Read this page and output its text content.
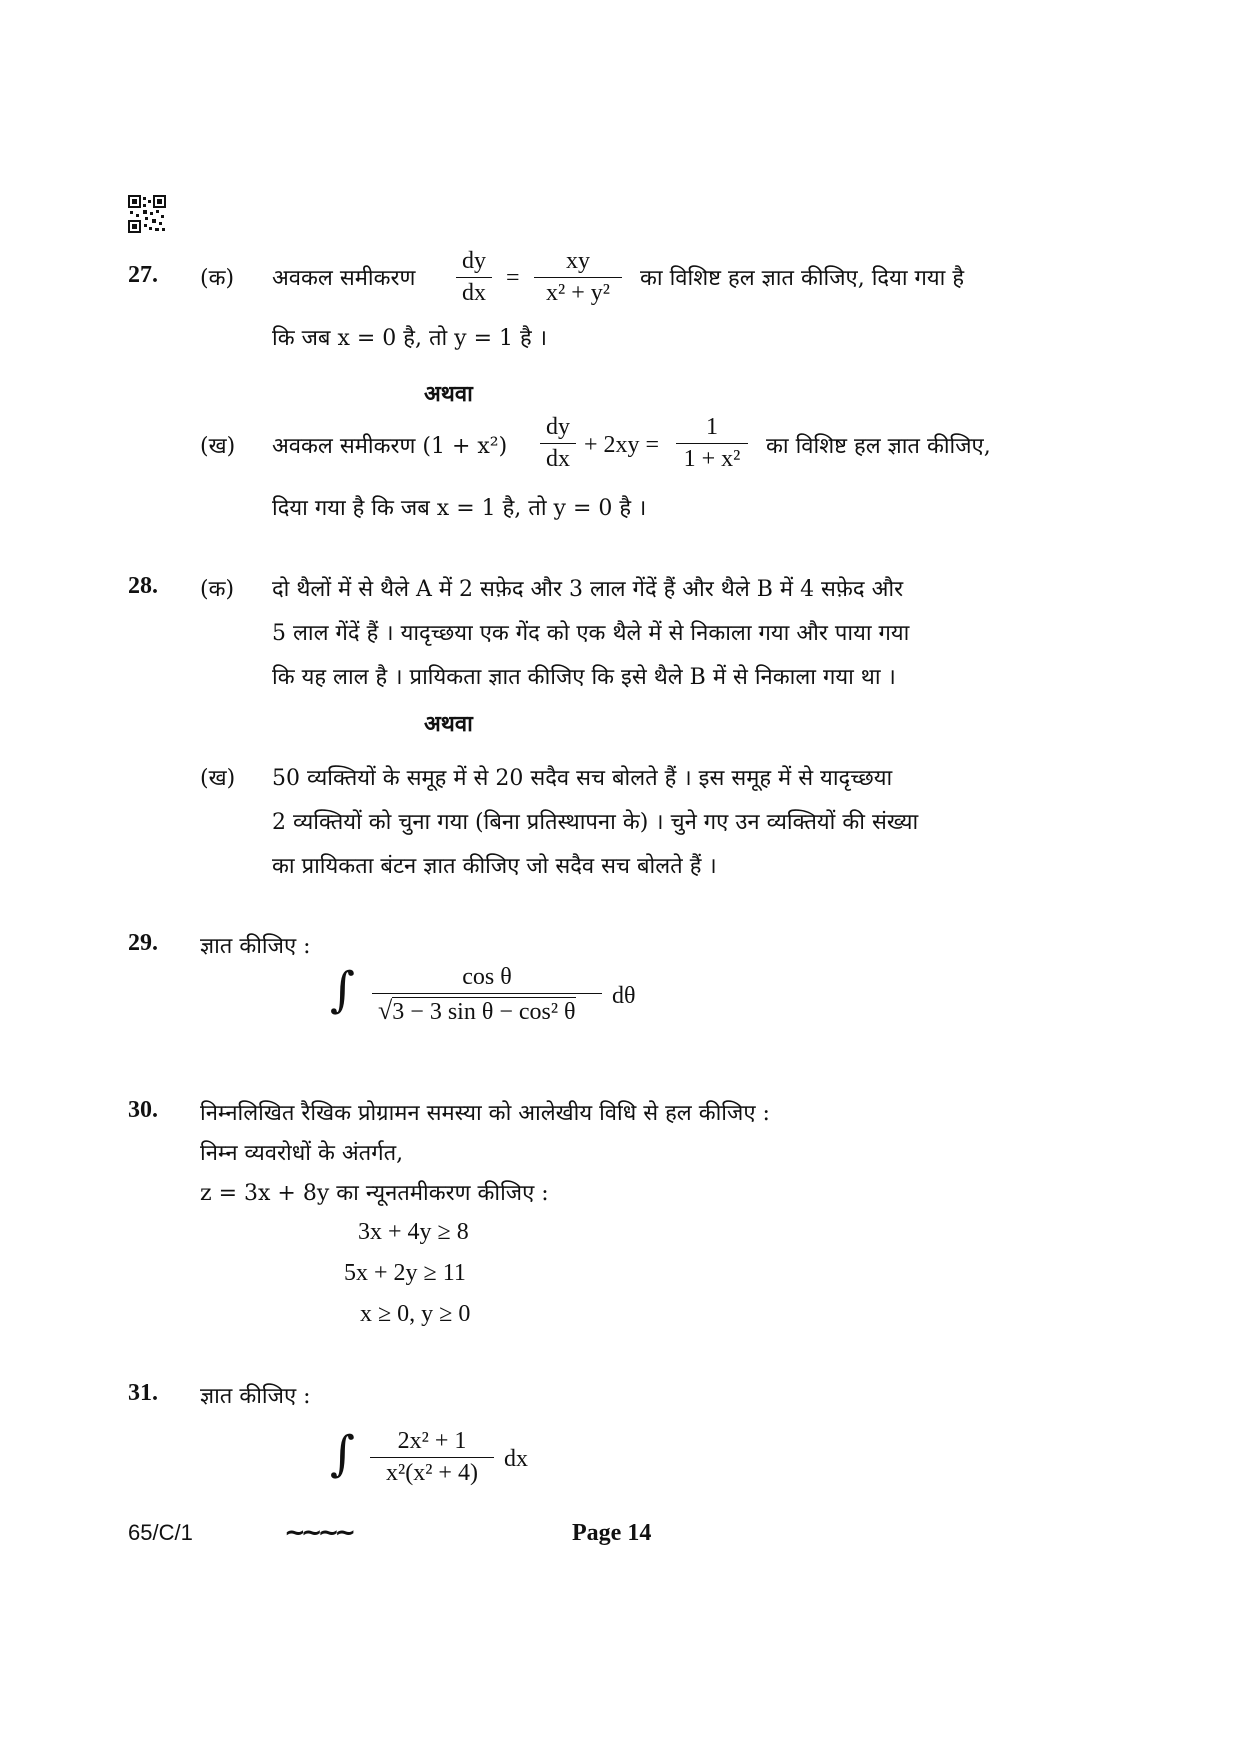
27. (क) अवकल समीकरण
dy
dx
=
xy
x² + y²
का विशिष्ट हल ज्ञात कीजिए, दिया गया है
कि जब x = 0 है, तो y = 1 है ।
अथवा
(ख) अवकल समीकरण (1 + x²)
dy
dx
+ 2xy =
1
1 + x²	का विशिष्ट हल ज्ञात कीजिए,
दिया गया है कि जब x = 1 है, तो y = 0 है ।
28. (क) दो थैलों में से थैले A में 2 सफ़ेद और 3 लाल गेंदें हैं और थैले B में 4 सफ़ेद और
5 लाल गेंदें हैं । यादृच्छया एक गेंद को एक थैले में से निकाला गया और पाया गया
कि यह लाल है । प्रायिकता ज्ञात कीजिए कि इसे थैले B में से निकाला गया था ।
अथवा
(ख) 50 व्यक्तियों के समूह में से 20 सदैव सच बोलते हैं । इस समूह में से यादृच्छया
2 व्यक्तियों को चुना गया (बिना प्रतिस्थापना के) । चुने गए उन व्यक्तियों की संख्या
का प्रायिकता बंटन ज्ञात कीजिए जो सदैव सच बोलते हैं ।
29. ज्ञात कीजिए :
∫	cos θ
√3 − 3 sin θ − cos² θ
dθ
30. निम्नलिखित रैखिक प्रोग्रामन समस्या को आलेखीय विधि से हल कीजिए :
निम्न व्यवरोधों के अंतर्गत,
z = 3x + 8y का न्यूनतमीकरण कीजिए :
3x + 4y ≥ 8
5x + 2y ≥ 11
x ≥ 0, y ≥ 0
31. ज्ञात कीजिए :
∫	2x² + 1
x²(x² + 4)
dx
65/C/1	~~~~	Page 14
